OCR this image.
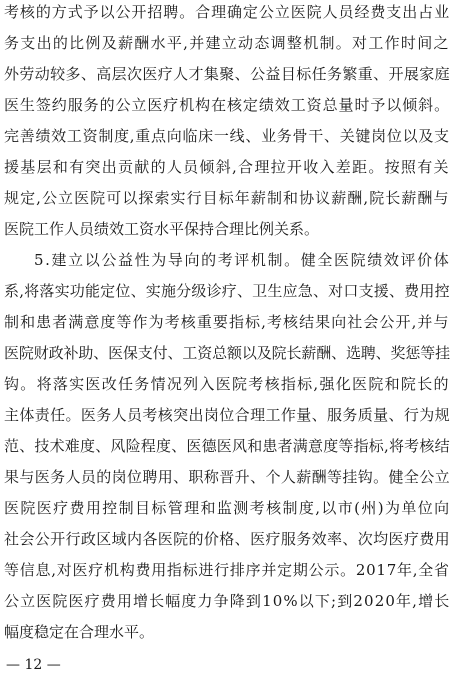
考核的方式予以公开招聘。合理确定公立医院人员经费支出占业
务支出的比例及薪酬水平,并建立动态调整机制。对工作时间之
外劳动较多、高层次医疗人才集聚、公益目标任务繁重、开展家庭
医生签约服务的公立医疗机构在核定绩效工资总量时予以倾斜。
完善绩效工资制度,重点向临床一线、业务骨干、关键岗位以及支
援基层和有突出贡献的人员倾斜,合理拉开收入差距。按照有关
规定,公立医院可以探索实行目标年薪制和协议薪酬,院长薪酬与
医院工作人员绩效工资水平保持合理比例关系。
5.建立以公益性为导向的考评机制。健全医院绩效评价体
系,将落实功能定位、实施分级诊疗、卫生应急、对口支援、费用控
制和患者满意度等作为考核重要指标,考核结果向社会公开,并与
医院财政补助、医保支付、工资总额以及院长薪酬、选聘、奖惩等挂
钩。将落实医改任务情况列入医院考核指标,强化医院和院长的
主体责任。医务人员考核突出岗位合理工作量、服务质量、行为规
范、技术难度、风险程度、医德医风和患者满意度等指标,将考核结
果与医务人员的岗位聘用、职称晋升、个人薪酬等挂钩。健全公立
医院医疗费用控制目标管理和监测考核制度,以市(州)为单位向
社会公开行政区域内各医院的价格、医疗服务效率、次均医疗费用
等信息,对医疗机构费用指标进行排序并定期公示。2017年,全省
公立医院医疗费用增长幅度力争降到10%以下;到2020年,增长
幅度稳定在合理水平。
— 12 —
